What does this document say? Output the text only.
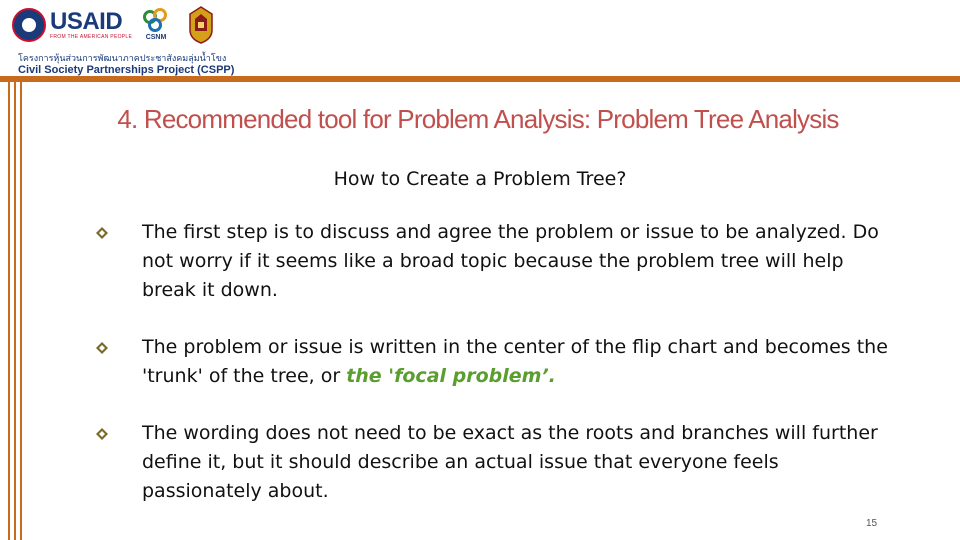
USAID
FROM THE AMERICAN PEOPLE CSNM
โครงการหุ้นส่วนการพัฒนาภาคประชาสังคมลุ่มน้ำโขง
Civil Society Partnerships Project (CSPP)
4. Recommended tool for Problem Analysis: Problem Tree Analysis
How to Create a Problem Tree?
The first step is to discuss and agree the problem or issue to be analyzed. Do not worry if it seems like a broad topic because the problem tree will help break it down.
The problem or issue is written in the center of the flip chart and becomes the 'trunk' of the tree, or the 'focal problem’.
The wording does not need to be exact as the roots and branches will further define it, but it should describe an actual issue that everyone feels passionately about.
15
